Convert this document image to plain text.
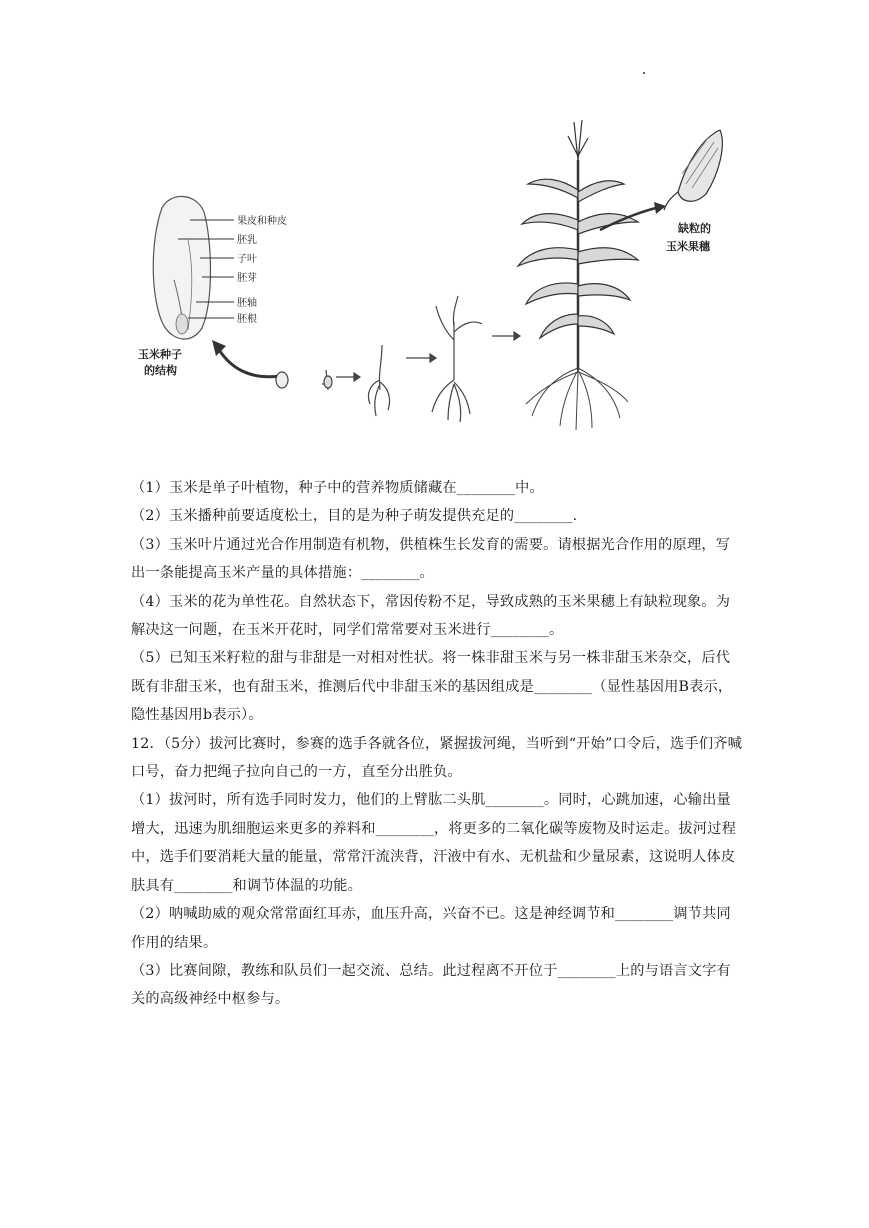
果皮和种皮
胚乳
子叶
胚芽
胚轴
胚根
玉米种子
的结构
缺粒的
玉米果穗

（1）玉米是单子叶植物，种子中的营养物质储藏在________中。

（2）玉米播种前要适度松土，目的是为种子萌发提供充足的________.

（3）玉米叶片通过光合作用制造有机物，供植株生长发育的需要。请根据光合作用的原理，写出一条能提高玉米产量的具体措施：________。

（4）玉米的花为单性花。自然状态下，常因传粉不足，导致成熟的玉米果穗上有缺粒现象。为解决这一问题，在玉米开花时，同学们常常要对玉米进行________。

（5）已知玉米籽粒的甜与非甜是一对相对性状。将一株非甜玉米与另一株非甜玉米杂交，后代既有非甜玉米，也有甜玉米，推测后代中非甜玉米的基因组成是________（显性基因用B表示，隐性基因用b表示）。

12．（5分）拔河比赛时，参赛的选手各就各位，紧握拔河绳，当听到“开始”口令后，选手们齐喊口号，奋力把绳子拉向自己的一方，直至分出胜负。

（1）拔河时，所有选手同时发力，他们的上臂肱二头肌________。同时，心跳加速，心输出量增大，迅速为肌细胞运来更多的养料和________，将更多的二氧化碳等废物及时运走。拔河过程中，选手们要消耗大量的能量，常常汗流浃背，汗液中有水、无机盐和少量尿素，这说明人体皮肤具有________和调节体温的功能。

（2）呐喊助威的观众常常面红耳赤，血压升高，兴奋不已。这是神经调节和________调节共同作用的结果。

（3）比赛间隙，教练和队员们一起交流、总结。此过程离不开位于________上的与语言文字有关的高级神经中枢参与。
